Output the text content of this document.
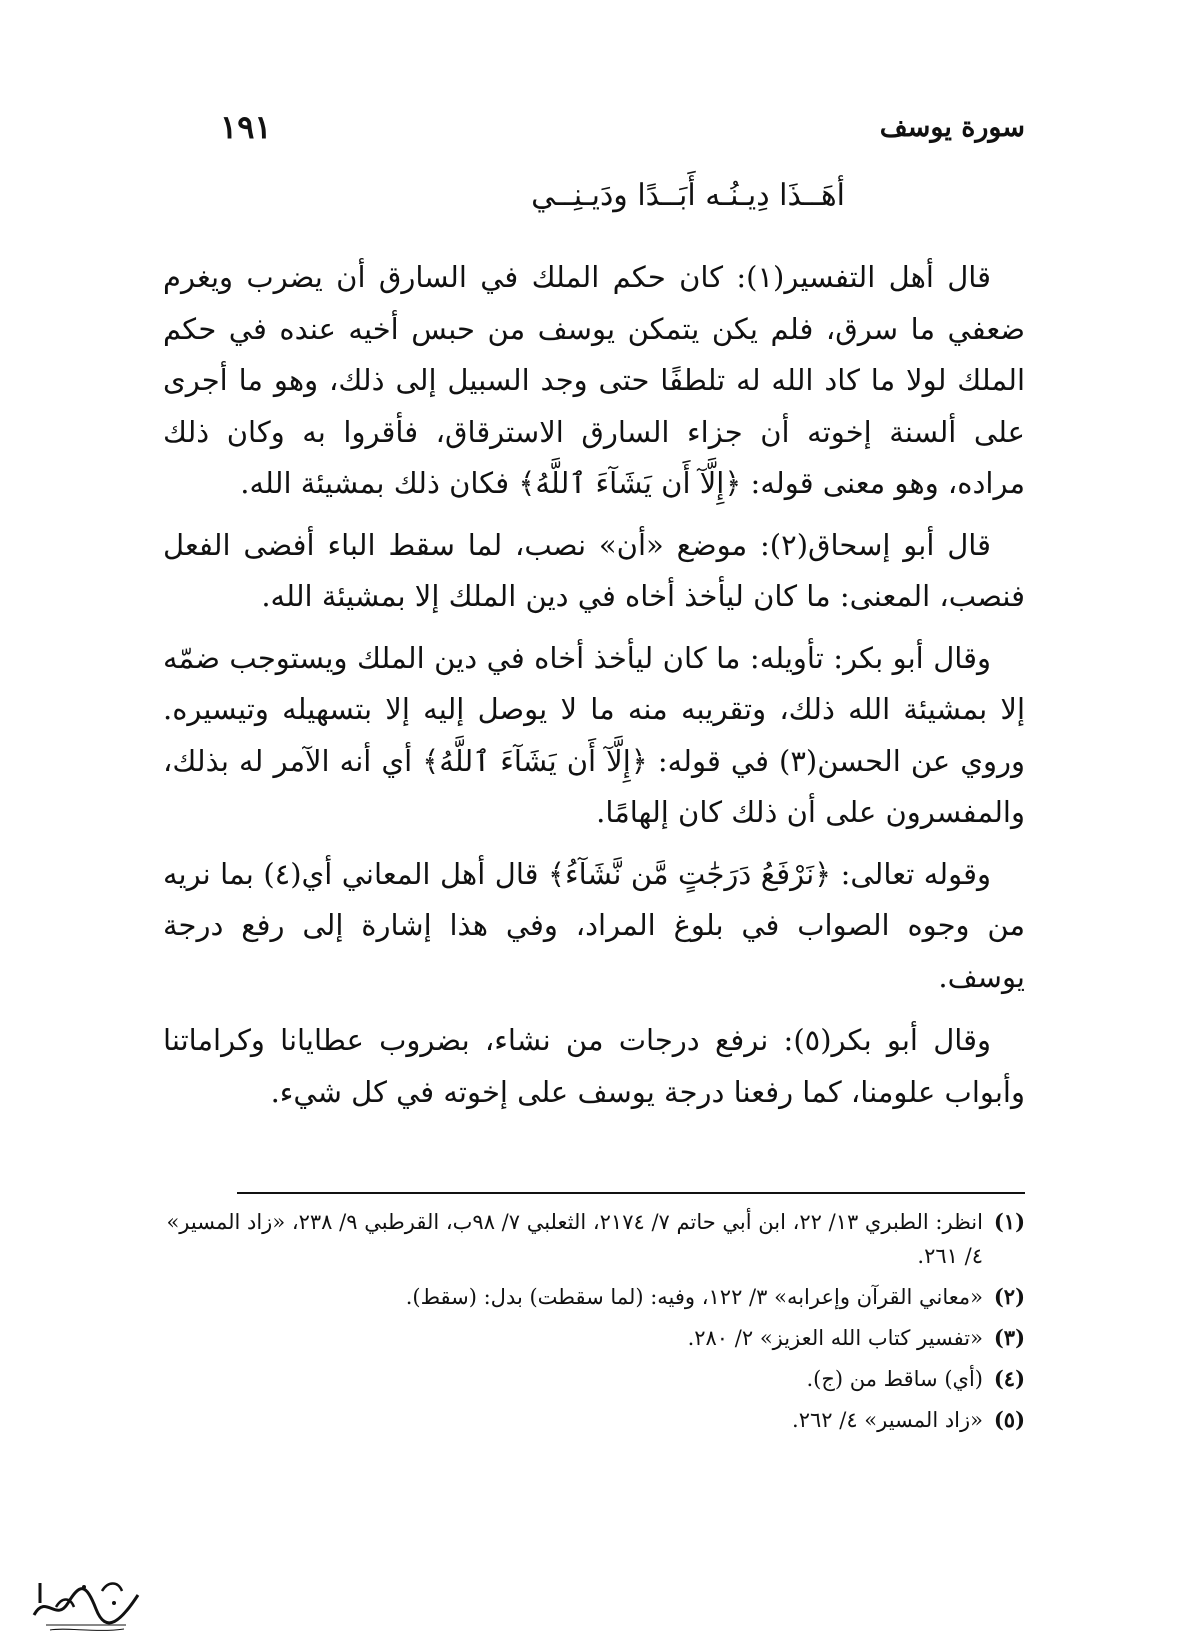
سورة يوسف
١٩١
أهَــذَا دِيـنُـه أَبَــدًا ودَيـنِــي

قال أهل التفسير(١): كان حكم الملك في السارق أن يضرب ويغرم ضعفي ما سرق، فلم يكن يتمكن يوسف من حبس أخيه عنده في حكم الملك لولا ما كاد الله له تلطفًا حتى وجد السبيل إلى ذلك، وهو ما أجرى على ألسنة إخوته أن جزاء السارق الاسترقاق، فأقروا به وكان ذلك مراده، وهو معنى قوله: ﴿إِلَّآ أَن يَشَآءَ ٱللَّهُ﴾ فكان ذلك بمشيئة الله.

قال أبو إسحاق(٢): موضع «أن» نصب، لما سقط الباء أفضى الفعل فنصب، المعنى: ما كان ليأخذ أخاه في دين الملك إلا بمشيئة الله.

وقال أبو بكر: تأويله: ما كان ليأخذ أخاه في دين الملك ويستوجب ضمّه إلا بمشيئة الله ذلك، وتقريبه منه ما لا يوصل إليه إلا بتسهيله وتيسيره. وروي عن الحسن(٣) في قوله: ﴿إِلَّآ أَن يَشَآءَ ٱللَّهُ﴾ أي أنه الآمر له بذلك، والمفسرون على أن ذلك كان إلهامًا.

وقوله تعالى: ﴿نَرْفَعُ دَرَجَٰتٍ مَّن نَّشَآءُ﴾ قال أهل المعاني أي(٤) بما نريه من وجوه الصواب في بلوغ المراد، وفي هذا إشارة إلى رفع درجة يوسف.

وقال أبو بكر(٥): نرفع درجات من نشاء، بضروب عطايانا وكراماتنا وأبواب علومنا، كما رفعنا درجة يوسف على إخوته في كل شيء.

(١)
انظر: الطبري ١٣/ ٢٢، ابن أبي حاتم ٧/ ٢١٧٤، الثعلبي ٧/ ٩٨ب، القرطبي ٩/ ٢٣٨، «زاد المسير» ٤/ ٢٦١.
(٢)
«معاني القرآن وإعرابه» ٣/ ١٢٢، وفيه: (لما سقطت) بدل: (سقط).
(٣)
«تفسير كتاب الله العزيز» ٢/ ٢٨٠.
(٤)
(أي) ساقط من (ج).
(٥)
«زاد المسير» ٤/ ٢٦٢.
